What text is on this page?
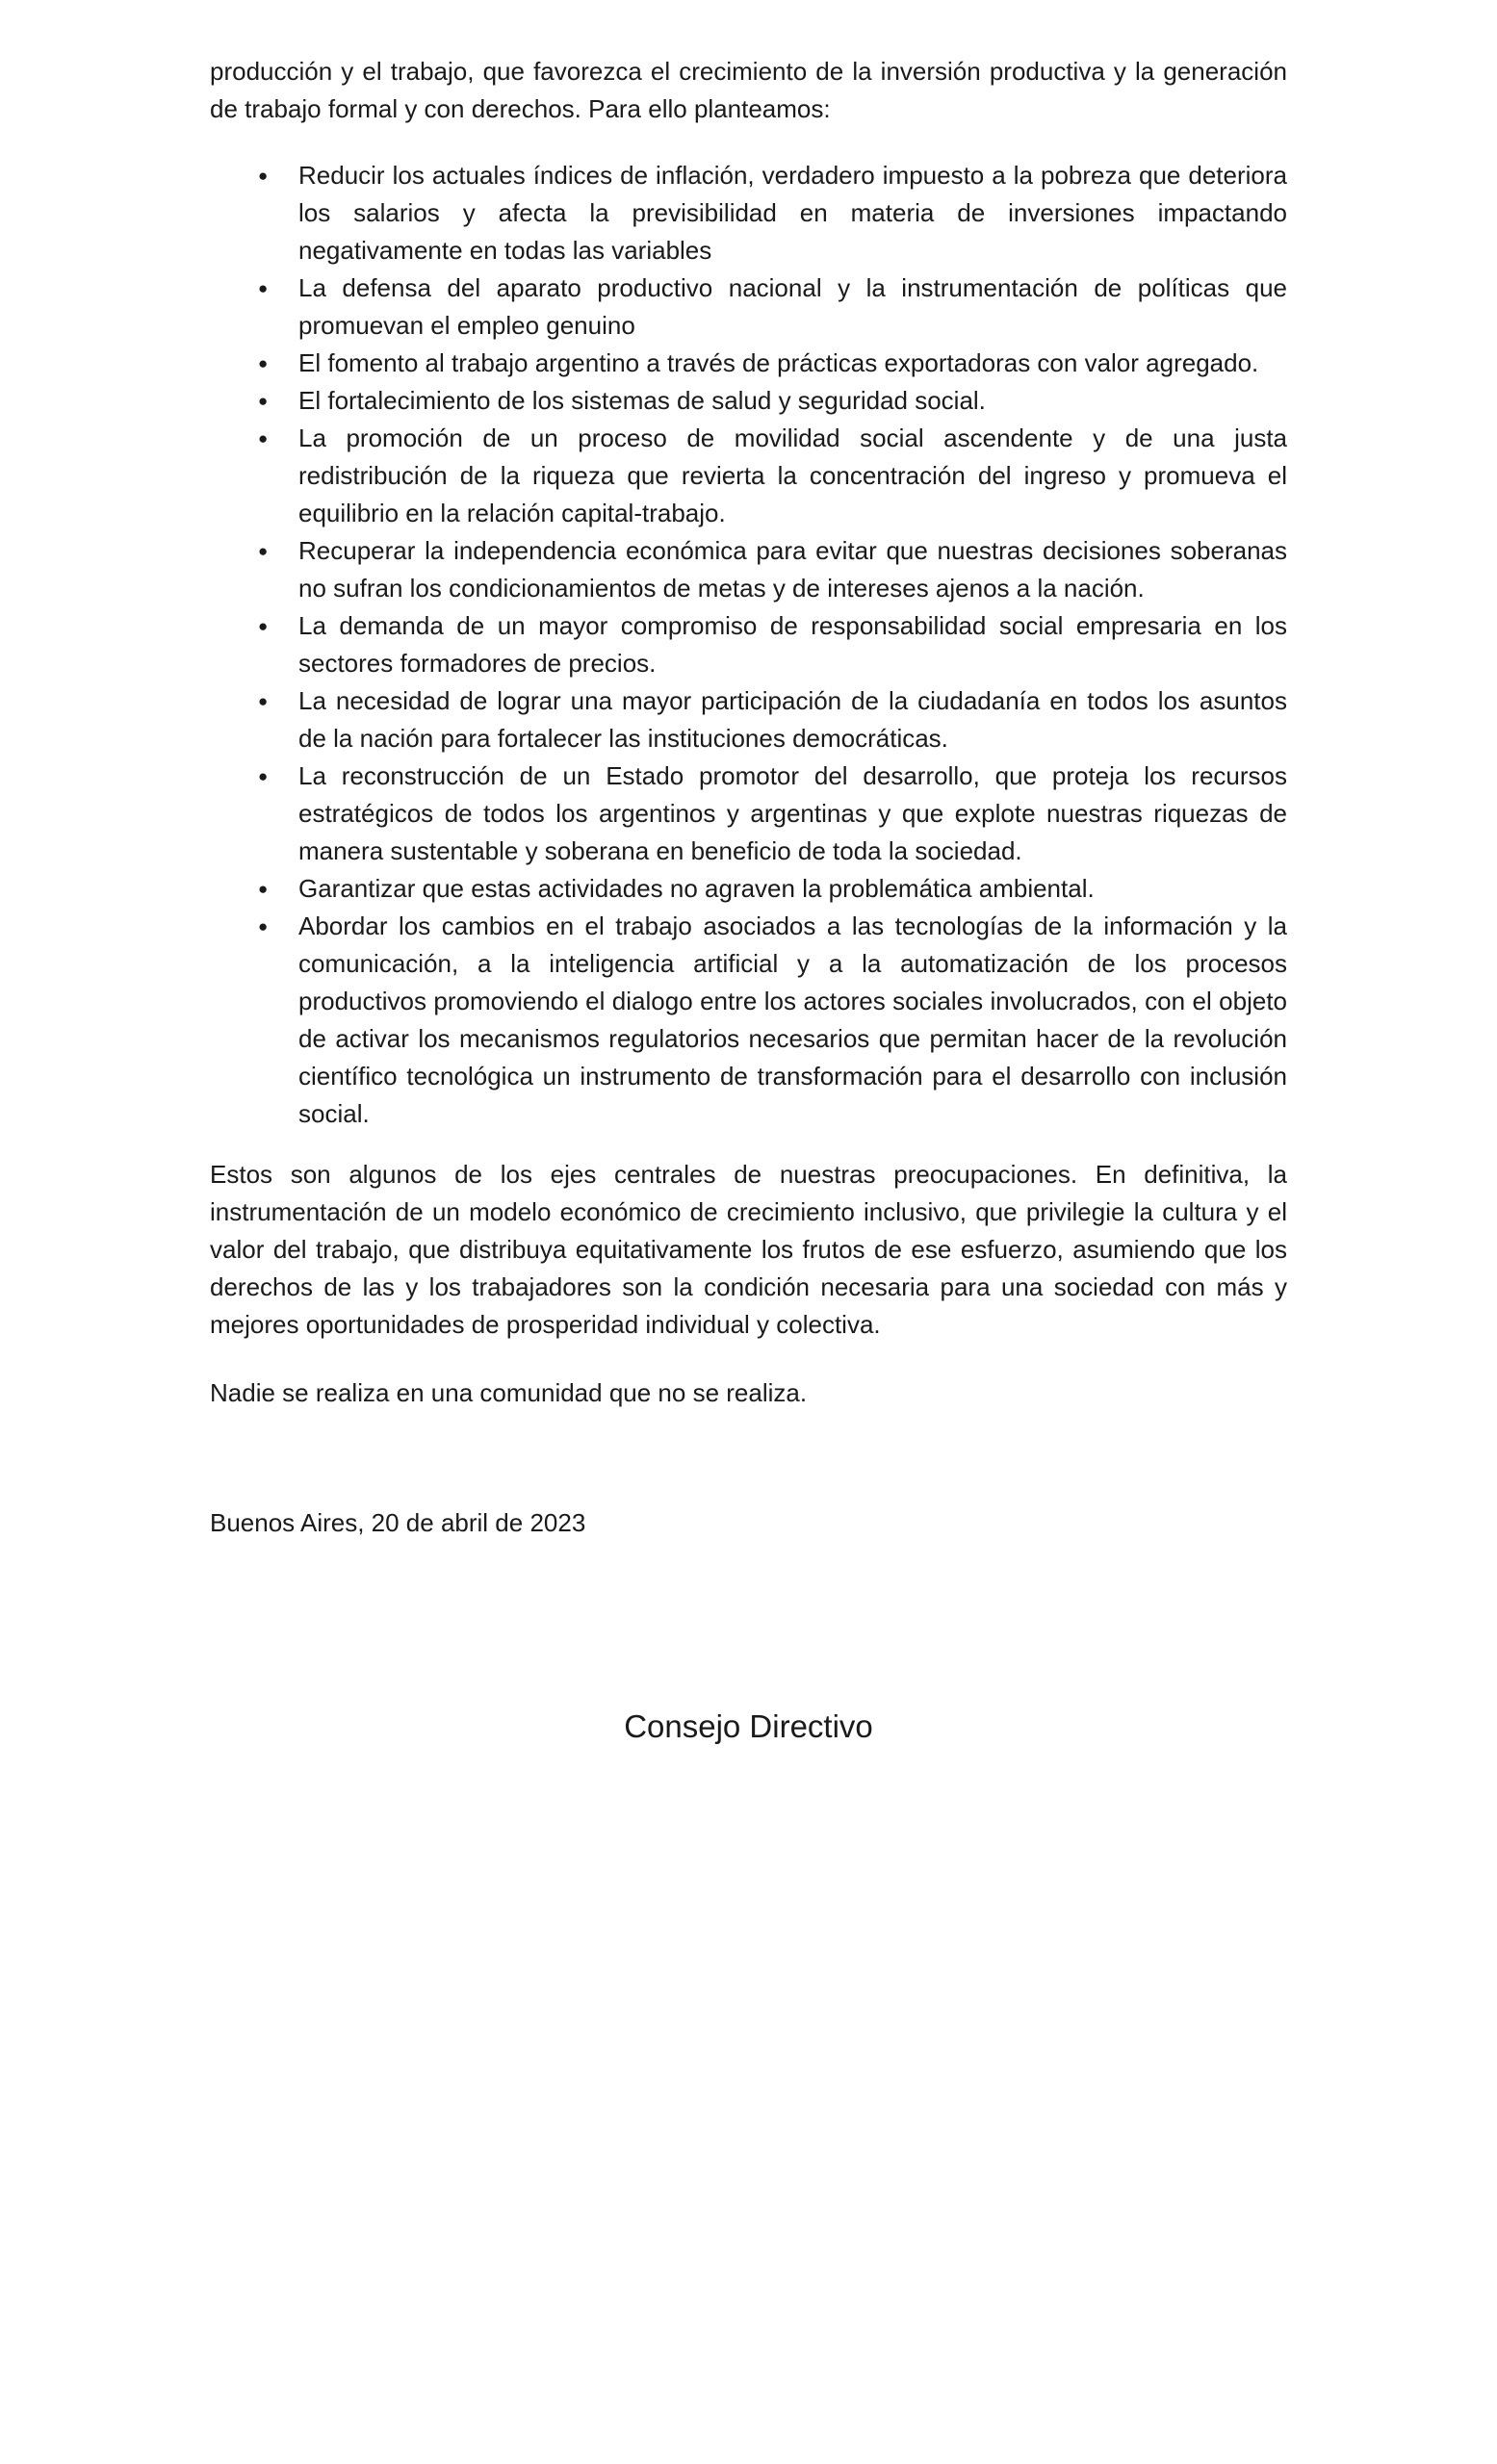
producción y el trabajo, que favorezca el crecimiento de la inversión productiva y la generación de trabajo formal y con derechos. Para ello planteamos:

● Reducir los actuales índices de inflación, verdadero impuesto a la pobreza que deteriora los salarios y afecta la previsibilidad en materia de inversiones impactando negativamente en todas las variables
● La defensa del aparato productivo nacional y la instrumentación de políticas que promuevan el empleo genuino
● El fomento al trabajo argentino a través de prácticas exportadoras con valor agregado.
● El fortalecimiento de los sistemas de salud y seguridad social.
● La promoción de un proceso de movilidad social ascendente y de una justa redistribución de la riqueza que revierta la concentración del ingreso y promueva el equilibrio en la relación capital-trabajo.
● Recuperar la independencia económica para evitar que nuestras decisiones soberanas no sufran los condicionamientos de metas y de intereses ajenos a la nación.
● La demanda de un mayor compromiso de responsabilidad social empresaria en los sectores formadores de precios.
● La necesidad de lograr una mayor participación de la ciudadanía en todos los asuntos de la nación para fortalecer las instituciones democráticas.
● La reconstrucción de un Estado promotor del desarrollo, que proteja los recursos estratégicos de todos los argentinos y argentinas y que explote nuestras riquezas de manera sustentable y soberana en beneficio de toda la sociedad.
● Garantizar que estas actividades no agraven la problemática ambiental.
● Abordar los cambios en el trabajo asociados a las tecnologías de la información y la comunicación, a la inteligencia artificial y a la automatización de los procesos productivos promoviendo el dialogo entre los actores sociales involucrados, con el objeto de activar los mecanismos regulatorios necesarios que permitan hacer de la revolución científico tecnológica un instrumento de transformación para el desarrollo con inclusión social.

Estos son algunos de los ejes centrales de nuestras preocupaciones. En definitiva, la instrumentación de un modelo económico de crecimiento inclusivo, que privilegie la cultura y el valor del trabajo, que distribuya equitativamente los frutos de ese esfuerzo, asumiendo que los derechos de las y los trabajadores son la condición necesaria para una sociedad con más y mejores oportunidades de prosperidad individual y colectiva.

Nadie se realiza en una comunidad que no se realiza.

Buenos Aires, 20 de abril de 2023

Consejo Directivo
